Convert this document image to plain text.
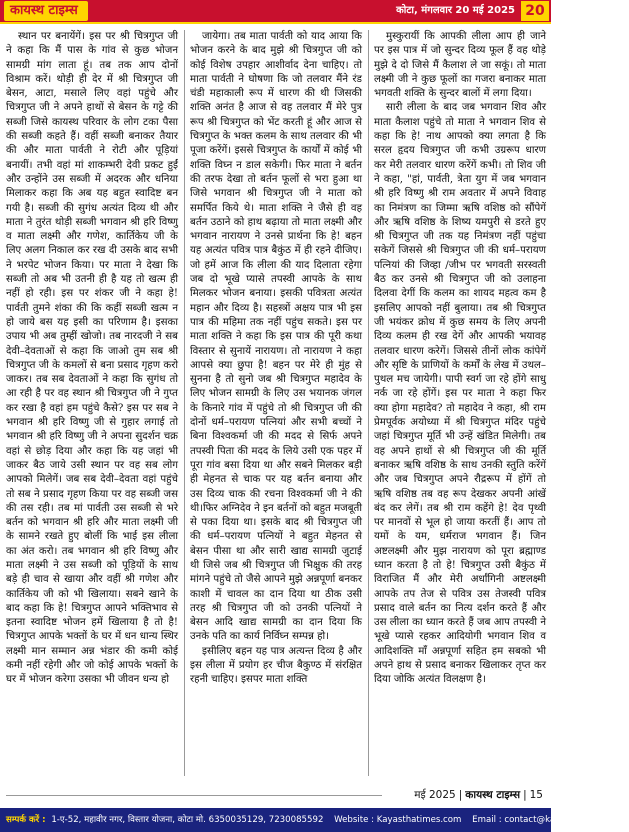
कायस्थ टाइम्स	कोटा, मंगलवार 20 मई 2025 20

स्थान पर बनायेंगें। इस पर श्री चित्रगुप्त जी ने कहा कि मैं पास के गांव से कुछ भोजन सामग्री मांग लाता हूं। तब तक आप दोनों विश्राम करें। थोड़ी ही देर में श्री चित्रगुप्त जी बेसन, आटा, मसाले लिए वहां पहुंचे और चित्रगुप्त जी ने अपने हाथों से बेसन के गट्टे की सब्जी जिसे कायस्थ परिवार के लोग टका पैसा की सब्जी कहते हैं। वहीं सब्जी बनाकर तैयार की और माता पार्वती ने रोटी और पूड़ियां बनायीं। तभी वहां मां शाकम्भरी देवी प्रकट हुईं और उन्होंने उस सब्जी में अदरक और धनिया मिलाकर कहा कि अब यह बहुत स्वादिष्ट बन गयी है। सब्जी की सुगंध अत्यंत दिव्य थी और माता ने तुरंत थोड़ी सब्जी भगवान श्री हरि विष्णु व माता लक्ष्मी और गणेश, कार्तिकेय जी के लिए अलग निकाल कर रख दी उसके बाद सभी ने भरपेट भोजन किया। पर माता ने देखा कि सब्जी तो अब भी उतनी ही है यह तो खत्म ही नहीं हो रही। इस पर शंकर जी ने कहा हे! पार्वती तुमने शंका की कि कहीं सब्जी खत्म न हो जाये बस यह इसी का परिणाम है। इसका उपाय भी अब तुम्हीं खोजो। तब नारदजी ने सब देवी–देवताओं से कहा कि जाओ तुम सब श्री चित्रगुप्त जी के कमलों से बना प्रसाद गृहण करो जाकर। तब सब देवताओं ने कहा कि सुगंध तो आ रही है पर वह स्थान श्री चित्रगुप्त जी ने गुप्त कर रखा है वहां हम पहुंचे कैसे? इस पर सब ने भगवान श्री हरि विष्णु जी से गुहार लगाई तो भगवान श्री हरि विष्णु जी ने अपना सुदर्शन चक्र वहां से छोड़ दिया और कहा कि यह जहां भी जाकर बैठ जाये उसी स्थान पर वह सब लोग आपको मिलेगें। जब सब देवी–देवता वहां पहुंचे तो सब ने प्रसाद गृहण किया पर वह सब्जी जस की तस रही। तब मां पार्वती उस सब्जी से भरे बर्तन को भगवान श्री हरि और माता लक्ष्मी जी के सामने रखते हुए बोलीं कि भाई इस लीला का अंत करो। तब भगवान श्री हरि विष्णु और माता लक्ष्मी ने उस सब्जी को पूड़ियों के साथ बड़े ही चाव से खाया और वहीं श्री गणेश और कार्तिकेय जी को भी खिलाया। सबने खाने के बाद कहा कि हे! चित्रगुप्त आपने भक्तिभाव से इतना स्वादिष्ट भोजन हमें खिलाया है तो है! चित्रगुप्त आपके भक्तों के घर में धन धान्य स्थिर लक्ष्मी मान सम्मान अन्न भंडार की कमी कोई कमी नहीं रहेगी और जो कोई आपके भक्तों के घर में भोजन करेगा उसका भी जीवन धन्य हो

जायेगा। तब माता पार्वती को याद आया कि भोजन करने के बाद मुझे श्री चित्रगुप्त जी को कोई विशेष उपहार आशीर्वाद देना चाहिए। तो माता पार्वती ने घोषणा कि जो तलवार मैंने रंड चंडी महाकाली रूप में धारण की थी जिसकी शक्ति अनंत है आज से वह तलवार मैं मेरे पुत्र रूप श्री चित्रगुप्त को भेंट करती हूं और आज से चित्रगुप्त के भक्त कलम के साथ तलवार की भी पूजा करेंगें। इससे चित्रगुप्त के कार्यों में कोई भी शक्ति विघ्न न डाल सकेगी। फिर माता ने बर्तन की तरफ देखा तो बर्तन फूलों से भरा हुआ था जिसे भगवान श्री चित्रगुप्त जी ने माता को समर्पित किये थे। माता शक्ति ने जैसे ही वह बर्तन उठाने को हाथ बढ़ाया तो माता लक्ष्मी और भगवान नारायण ने उनसे प्रार्थना कि हे! बहन यह अत्यंत पवित्र पात्र बैकुंठ में ही रहने दीजिए। जो हमें आज कि लीला की याद दिलाता रहेगा जब दो भूखे प्यासे तपस्वी आपके के साथ मिलकर भोजन बनाया। इसकी पवित्रता अत्यंत महान और दिव्य है। सहस्त्रों अक्षय पात्र भी इस पात्र की महिमा तक नहीं पहुंच सकते। इस पर माता शक्ति ने कहा कि इस पात्र की पूरी कथा विस्तार से सुनायें नारायण। तो नारायण ने कहा आपसे क्या छुपा है! बहन पर मेरे ही मुंह से सुनना है तो सुनो जब श्री चित्रगुप्त महादेव के लिए भोजन सामग्री के लिए उस भयानक जंगल के किनारे गांव में पहुंचे तो श्री चित्रगुप्त जी की दोनों धर्म–परायण पत्नियां और सभी बच्चों ने बिना विश्वकर्मा जी की मदद से सिर्फ अपने तपस्वी पिता की मदद के लिये उसी एक पहर में पूरा गांव बसा दिया था और सबने मिलकर बड़ी ही मेहनत से चाक पर यह बर्तन बनाया और उस दिव्य चाक की रचना विश्वकर्मा जी ने की थी।फिर अग्निदेव ने इन बर्तनों को बहुत मजबूती से पका दिया था। इसके बाद श्री चित्रगुप्त जी की धर्म–परायण पत्नियों ने बहुत मेहनत से बेसन पीसा था और सारी खाद्य सामग्री जुटाई थी जिसे जब श्री चित्रगुप्त जी भिक्षुक की तरह मांगने पहुंचे तो जैसे आपने मुझे अन्नपूर्णा बनकर काशी में चावल का दान दिया था ठीक उसी तरह श्री चित्रगुप्त जी को उनकी पत्नियों ने बेसन आदि खाद्य सामग्री का दान दिया कि उनके पति का कार्य निर्विघ्न सम्पन्न हो।

इसीलिए बहन यह पात्र अत्यन्त दिव्य है और इस लीला में प्रयोग हर चीज बैकुण्ठ में संरक्षित रहनी चाहिए। इसपर माता शक्ति

मुस्कुरायीं कि आपकी लीला आप ही जाने पर इस पात्र में जो सुन्दर दिव्य फूल हैं वह थोड़े मुझे दे दो जिसे मैं कैलाश ले जा सकूं। तो माता लक्ष्मी जी ने कुछ फूलों का गजरा बनाकर माता भगवती शक्ति के सुन्दर बालों में लगा दिया।

सारी लीला के बाद जब भगवान शिव और माता कैलाश पहुंचे तो माता ने भगवान शिव से कहा कि हे! नाथ आपको क्या लगता है कि सरल हृदय चित्रगुप्त जी कभी उग्ररूप धारण कर मेरी तलवार धारण करेंगें कभी। तो शिव जी ने कहा, "हां, पार्वती, त्रेता युग में जब भगवान श्री हरि विष्णु श्री राम अवतार में अपने विवाह का निमंत्रण का जिम्मा ऋषि वशिष्ठ को सौंपेगें और ऋषि वशिष्ठ के शिष्य यमपुरी से डरते हुए श्री चित्रगुप्त जी तक यह निमंत्रण नहीं पहुंचा सकेगें जिससे श्री चित्रगुप्त जी की धर्म–परायण पत्नियां की जिव्हा /जीभ पर भगवती सरस्वती बैठ कर उनसे श्री चित्रगुप्त जी को उलाहना दिलवा देगीं कि कलम का शायद महत्व कम है इसलिए आपको नहीं बुलाया। तब श्री चित्रगुप्त जी भयंकर क्रोध में कुछ समय के लिए अपनी दिव्य कलम ही रख देगें और आपकी भयावह तलवार धारण करेगें। जिससे तीनों लोक कांपेगें और सृष्टि के प्राणियों के कर्मों के लेख में उथल–पुथल मच जायेगी। पापी स्वर्ग जा रहे होंगे साधु नर्क जा रहे होंगें। इस पर माता ने कहा फिर क्या होगा महादेव? तो महादेव ने कहा, श्री राम प्रेमपूर्वक अयोध्या में श्री चित्रगुप्त मंदिर पहुंचे जहां चित्रगुप्त मूर्ति भी उन्हें खंडित मिलेगी। तब वह अपने हाथों से श्री चित्रगुप्त जी की मूर्ति बनाकर ऋषि वशिष्ठ के साथ उनकी स्तुति करेंगें और जब चित्रगुप्त अपने रौद्ररूप में होंगें तो ऋषि वशिष्ठ तब वह रूप देखकर अपनी आंखें बंद कर लेगें। तब श्री राम कहेंगे हे! देव पृथ्वी पर मानवों से भूल हो जाया करतीं हैं। आप तो यमों के यम, धर्मराज भगवान हैं। जिन अष्टलक्ष्मी और मुझ नारायण को पूरा ब्रह्माण्ड ध्यान करता है तो हे! चित्रगुप्त उसी बैकुंठ में विराजित मैं और मेरी अर्धांगिनी अष्टलक्ष्मी आपके तप तेज से पवित्र उस तेजस्वी पवित्र प्रसाद वाले बर्तन का नित्य दर्शन करते हैं और उस लीला का ध्यान करते हैं जब आप तपस्वी ने भूखे प्यासे रहकर आदियोगी भगवान शिव व आदिशक्ति माँ अन्नपूर्णा सहित हम सबको भी अपने हाथ से प्रसाद बनाकर खिलाकर तृप्त कर दिया जोकि अत्यंत विलक्षण है।

मई 2025 | कायस्थ टाइम्स | 15
सम्पर्क करें : 1-ए-52, महावीर नगर, विस्तार योजना, कोटा मो. 6350035129, 7230085592 Website : Kayasthatimes.com Email : contact@kayasthatimes.com
